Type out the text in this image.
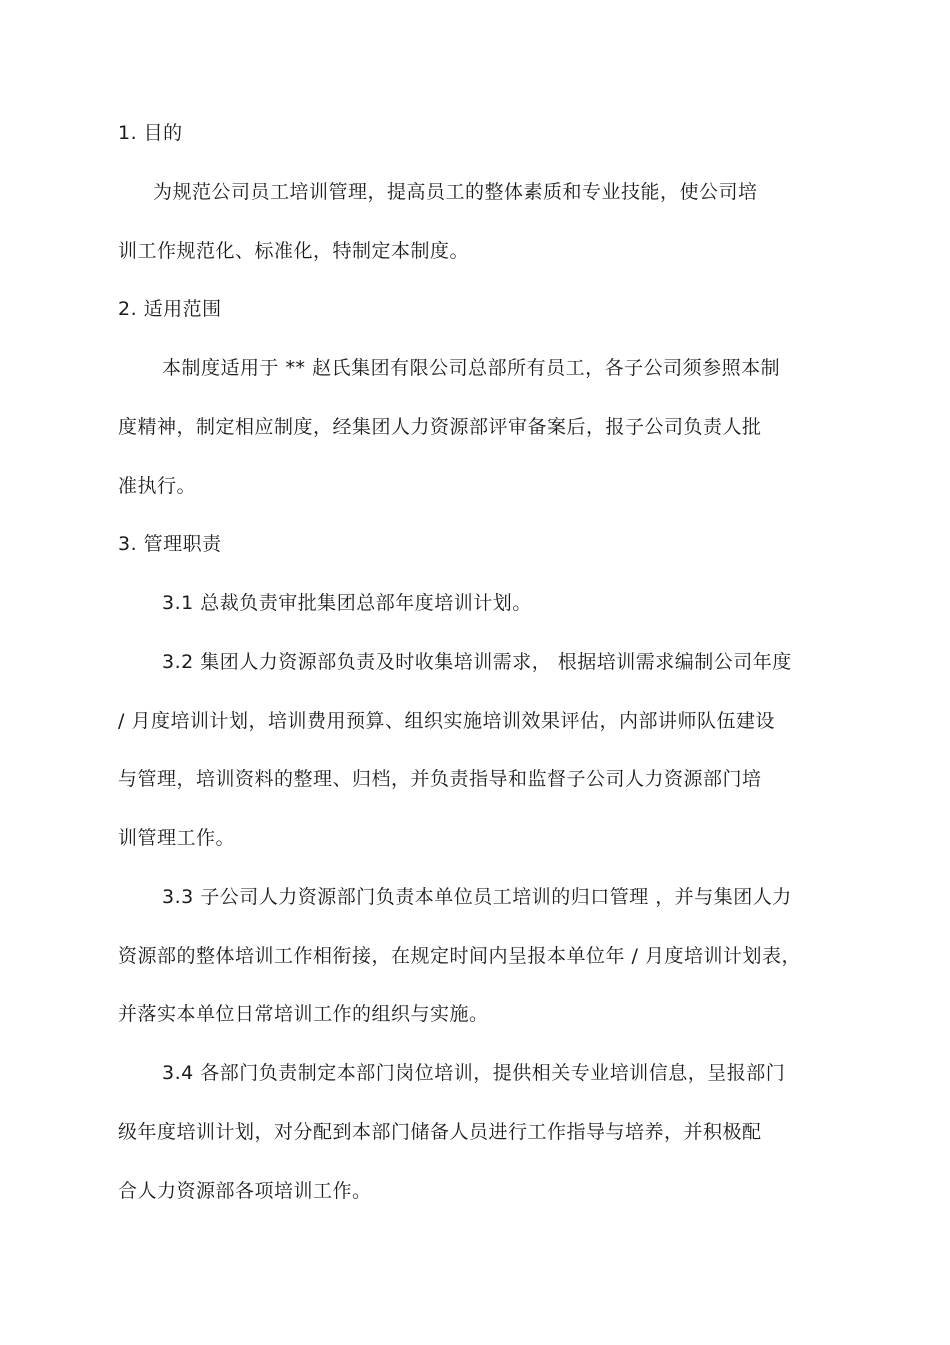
1. 目的
为规范公司员工培训管理，提高员工的整体素质和专业技能，使公司培
训工作规范化、标准化，特制定本制度。
2. 适用范围
本制度适用于 ** 赵氏集团有限公司总部所有员工，各子公司须参照本制
度精神，制定相应制度，经集团人力资源部评审备案后，报子公司负责人批
准执行。
3. 管理职责
3.1 总裁负责审批集团总部年度培训计划。
3.2 集团人力资源部负责及时收集培训需求， 根据培训需求编制公司年度
/ 月度培训计划，培训费用预算、组织实施培训效果评估，内部讲师队伍建设
与管理，培训资料的整理、归档，并负责指导和监督子公司人力资源部门培
训管理工作。
3.3 子公司人力资源部门负责本单位员工培训的归口管理 ，并与集团人力
资源部的整体培训工作相衔接，在规定时间内呈报本单位年 / 月度培训计划表，
并落实本单位日常培训工作的组织与实施。
3.4 各部门负责制定本部门岗位培训，提供相关专业培训信息，呈报部门
级年度培训计划，对分配到本部门储备人员进行工作指导与培养，并积极配
合人力资源部各项培训工作。
